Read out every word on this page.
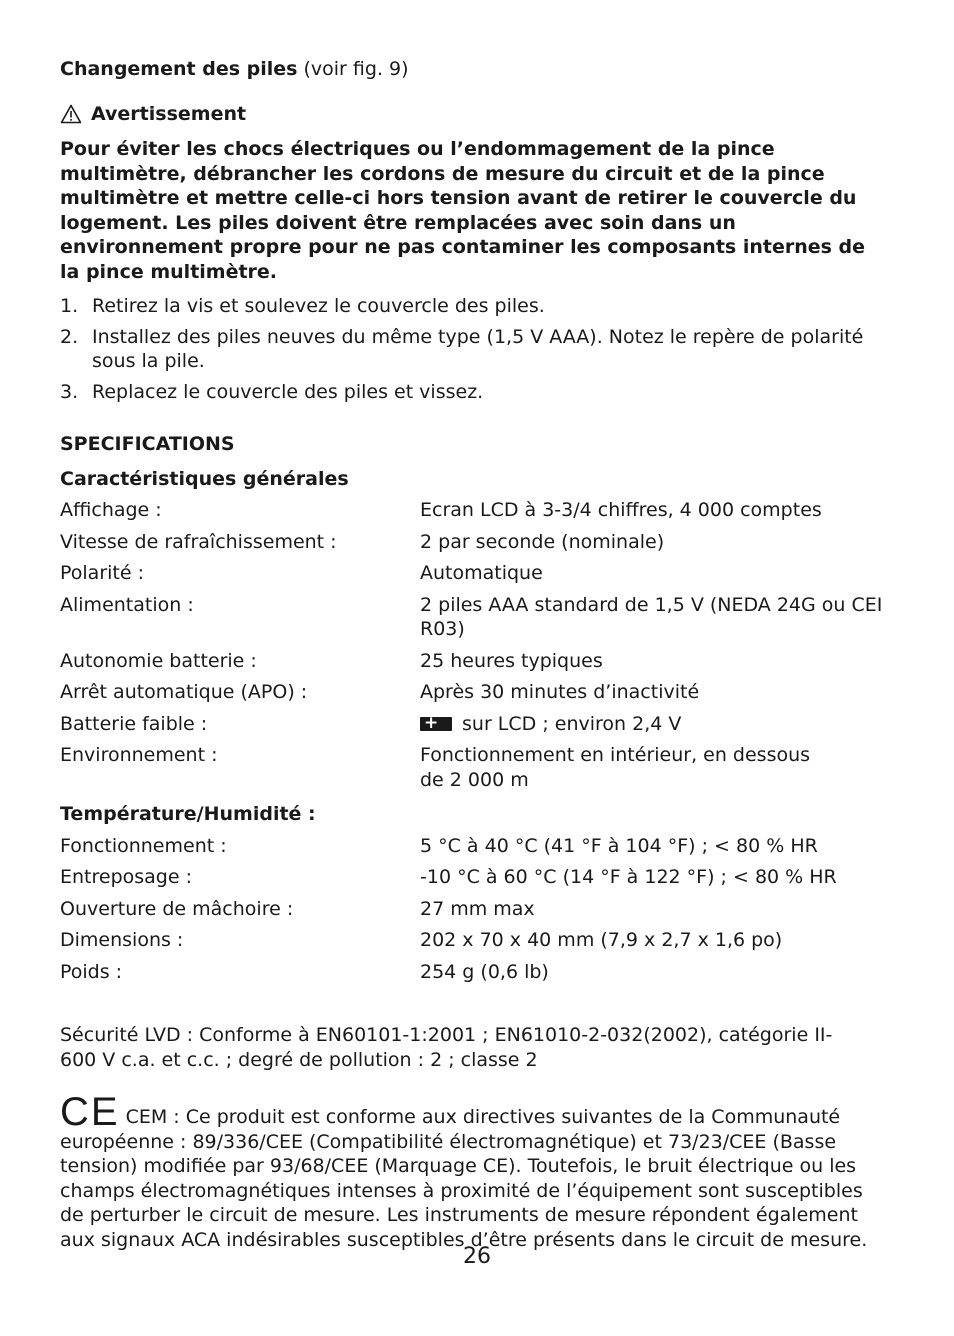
Changement des piles (voir fig. 9)

Avertissement

Pour éviter les chocs électriques ou l’endommagement de la pince multimètre, débrancher les cordons de mesure du circuit et de la pince multimètre et mettre celle-ci hors tension avant de retirer le couvercle du logement. Les piles doivent être remplacées avec soin dans un environnement propre pour ne pas contaminer les composants internes de la pince multimètre.

1. Retirez la vis et soulevez le couvercle des piles.
2. Installez des piles neuves du même type (1,5 V AAA). Notez le repère de polarité sous la pile.
3. Replacez le couvercle des piles et vissez.
SPECIFICATIONS
Caractéristiques générales
Affichage :	Ecran LCD à 3-3/4 chiffres, 4 000 comptes
Vitesse de rafraîchissement :	2 par seconde (nominale)
Polarité :	Automatique
Alimentation :	2 piles AAA standard de 1,5 V (NEDA 24G ou CEI R03)
Autonomie batterie :	25 heures typiques
Arrêt automatique (APO) :	Après 30 minutes d’inactivité
Batterie faible :
+	sur LCD ; environ 2,4 V
Environnement :	Fonctionnement en intérieur, en dessous de 2 000 m
Température/Humidité :
Fonctionnement :	5 °C à 40 °C (41 °F à 104 °F) ; < 80 % HR
Entreposage :	-10 °C à 60 °C (14 °F à 122 °F) ; < 80 % HR
Ouverture de mâchoire :	27 mm max
Dimensions :	202 x 70 x 40 mm (7,9 x 2,7 x 1,6 po)
Poids :	254 g (0,6 lb)

Sécurité LVD : Conforme à EN60101-1:2001 ; EN61010-2-032(2002), catégorie II-600 V c.a. et c.c. ; degré de pollution : 2 ; classe 2

CE CEM : Ce produit est conforme aux directives suivantes de la Communauté européenne : 89/336/CEE (Compatibilité électromagnétique) et 73/23/CEE (Basse tension) modifiée par 93/68/CEE (Marquage CE). Toutefois, le bruit électrique ou les champs électromagnétiques intenses à proximité de l’équipement sont susceptibles de perturber le circuit de mesure. Les instruments de mesure répondent également aux signaux ACA indésirables susceptibles d’être présents dans le circuit de mesure.

26
